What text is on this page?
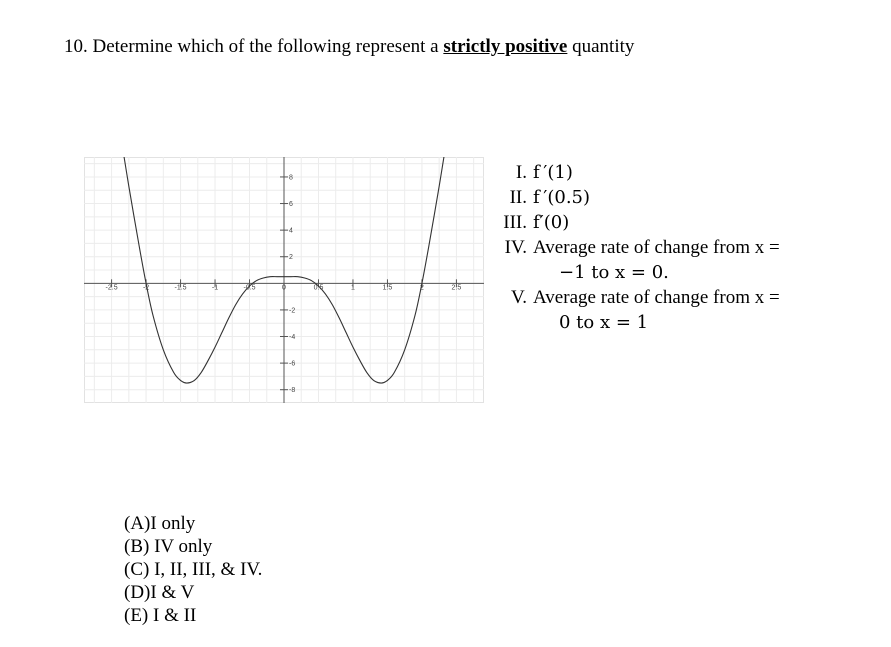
10. Determine which of the following represent a strictly positive quantity
-2.5	-2	-1.5	-1	-0.5	0	0.5	1	1.5	2	2.5
8
6
4
2
-2
-4
-6
-8
I. f ′(1)
II. f ′(0.5)
III. f′(0)
IV. Average rate of change from x =
−1 to x = 0.
V. Average rate of change from x =
0 to x = 1
(A)I only
(B) IV only
(C) I, II, III, & IV.
(D)I & V
(E) I & II
